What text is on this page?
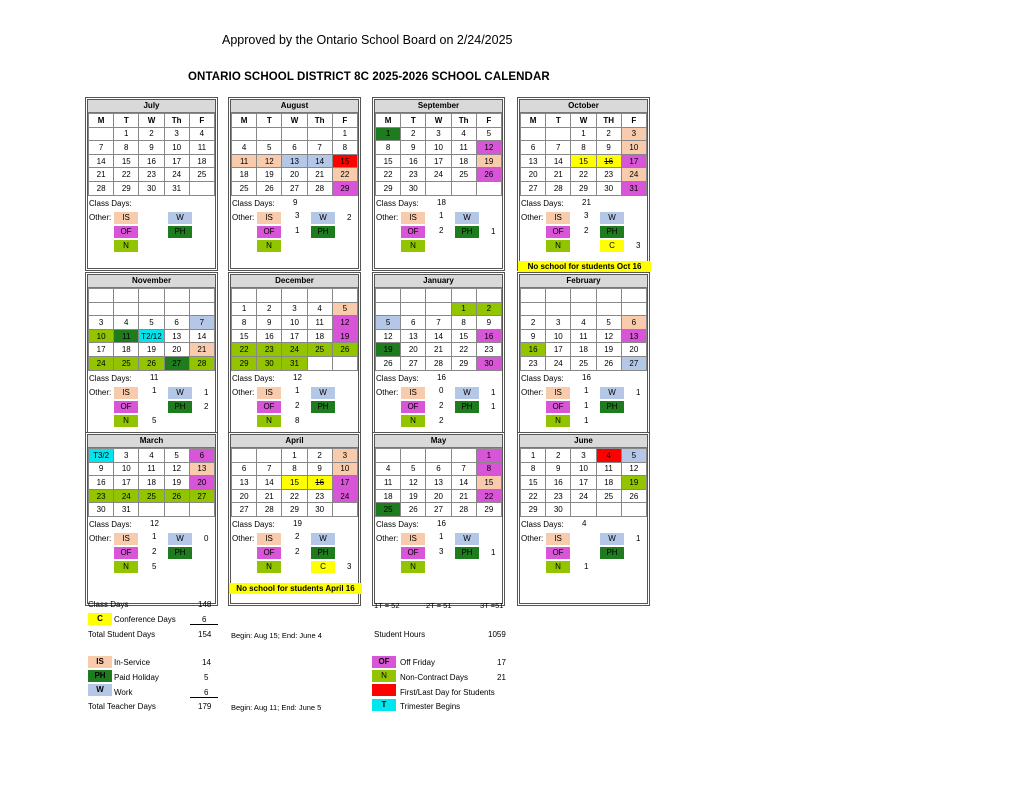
Approved by the Ontario School Board on 2/24/2025
ONTARIO SCHOOL DISTRICT 8C 2025-2026 SCHOOL CALENDAR
July
M	T	W	Th	F
	1	2	3	4
7	8	9	10	11
14	15	16	17	18
21	22	23	24	25
28	29	30	31	
Class Days:
Other:	IS	W
OF	PH
N
August
M	T	W	Th	F
				1
4	5	6	7	8
11	12	13	14	15
18	19	20	21	22
25	26	27	28	29
Class Days: 9
Other:	IS	3	W	2
OF	1	PH
N
September
M	T	W	Th	F
1	2	3	4	5
8	9	10	11	12
15	16	17	18	19
22	23	24	25	26
29	30			
Class Days: 18
Other:	IS	1	W
OF	2	PH	1
N
October
M	T	W	TH	F
		1	2	3
6	7	8	9	10
13	14	15	16	17
20	21	22	23	24
27	28	29	30	31
Class Days: 21
Other:	IS	3	W
OF	2	PH
N	C	3
November

3	4	5	6	7
10	11	T2/12	13	14
17	18	19	20	21
24	25	26	27	28
Class Days: 11
Other:	IS	1	W	1
OF	PH	2
N	5
December

1	2	3	4	5
8	9	10	11	12
15	16	17	18	19
22	23	24	25	26
29	30	31		
Class Days: 12
Other:	IS	1	W
OF	2	PH
N	8
January

			1	2
5	6	7	8	9
12	13	14	15	16
19	20	21	22	23
26	27	28	29	30
Class Days: 16
Other:	IS	0	W	1
OF	2	PH	1
N	2
February

2	3	4	5	6
9	10	11	12	13
16	17	18	19	20
23	24	25	26	27
Class Days: 16
Other:	IS	1	W	1
OF	1	PH
N	1
March
T3/2	3	4	5	6
9	10	11	12	13
16	17	18	19	20
23	24	25	26	27
30	31			
Class Days: 12
Other:	IS	1	W	0
OF	2	PH
N	5
April
		1	2	3
6	7	8	9	10
13	14	15	16	17
20	21	22	23	24
27	28	29	30	
Class Days: 19
Other:	IS	2	W
OF	2	PH
N	C	3
May
				1
4	5	6	7	8
11	12	13	14	15
18	19	20	21	22
25	26	27	28	29
Class Days: 16
Other:	IS	1	W
OF	3	PH	1
N
June
1	2	3	4	5
8	9	10	11	12
15	16	17	18	19
22	23	24	25	26
29	30			
Class Days: 4
Other:	IS	W	1
OF	PH
N	1
No school for students Oct 16
No school for students April 16
Class Days	148
C	Conference Days	6
Total Student Days	154	Begin: Aug 15; End: June 4
IS	In-Service	14
PH	Paid Holiday	5
W	Work	6
Total Teacher Days	179	Begin: Aug 11; End: June 5
1T = 52	2T = 51	3T =51
Student Hours	1059
OF	Off Friday	17
N	Non-Contract Days	21
First/Last Day for Students
T	Trimester Begins
